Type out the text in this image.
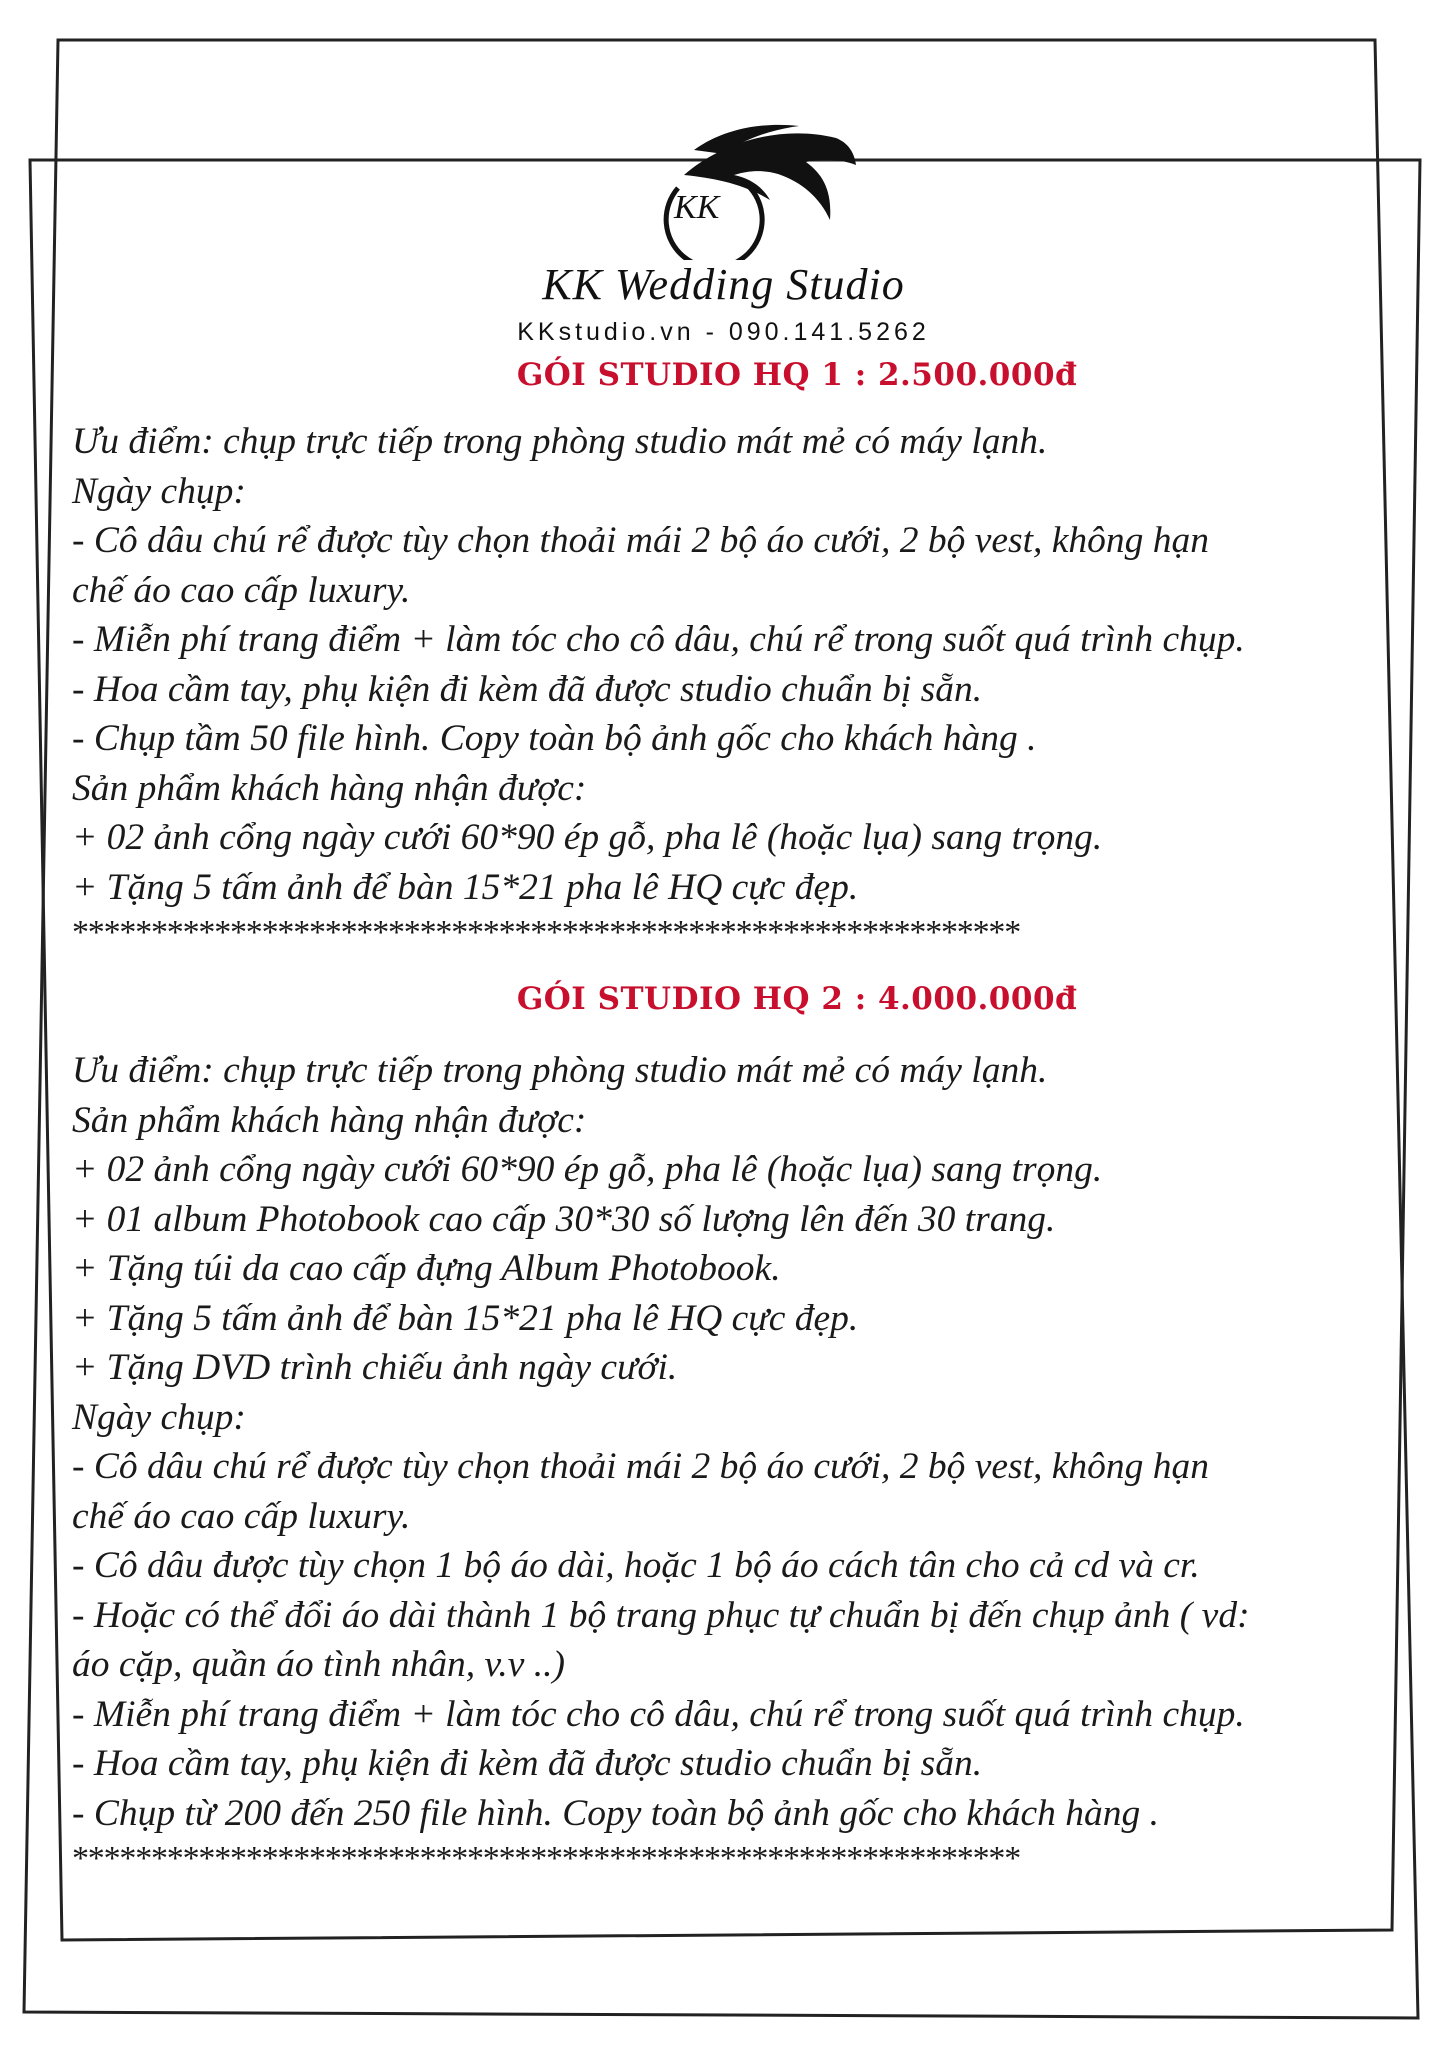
KK
KK Wedding Studio
KKstudio.vn - 090.141.5262
GÓI STUDIO HQ 1 : 2.500.000đ

Ưu điểm: chụp trực tiếp trong phòng studio mát mẻ có máy lạnh.

Ngày chụp:

- Cô dâu chú rể được tùy chọn thoải mái 2 bộ áo cưới, 2 bộ vest, không hạn

chế áo cao cấp luxury.

- Miễn phí trang điểm + làm tóc cho cô dâu, chú rể trong suốt quá trình chụp.

- Hoa cầm tay, phụ kiện đi kèm đã được studio chuẩn bị sẵn.

- Chụp tầm 50 file hình. Copy toàn bộ ảnh gốc cho khách hàng .

Sản phẩm khách hàng nhận được:

+ 02 ảnh cổng ngày cưới 60*90 ép gỗ, pha lê (hoặc lụa) sang trọng.

+ Tặng 5 tấm ảnh để bàn 15*21 pha lê HQ cực đẹp.

************************************************************

GÓI STUDIO HQ 2 : 4.000.000đ

Ưu điểm: chụp trực tiếp trong phòng studio mát mẻ có máy lạnh.

Sản phẩm khách hàng nhận được:

+ 02 ảnh cổng ngày cưới 60*90 ép gỗ, pha lê (hoặc lụa) sang trọng.

+ 01 album Photobook cao cấp 30*30 số lượng lên đến 30 trang.

+ Tặng túi da cao cấp đựng Album Photobook.

+ Tặng 5 tấm ảnh để bàn 15*21 pha lê HQ cực đẹp.

+ Tặng DVD trình chiếu ảnh ngày cưới.

Ngày chụp:

- Cô dâu chú rể được tùy chọn thoải mái 2 bộ áo cưới, 2 bộ vest, không hạn

chế áo cao cấp luxury.

- Cô dâu được tùy chọn 1 bộ áo dài, hoặc 1 bộ áo cách tân cho cả cd và cr.

- Hoặc có thể đổi áo dài thành 1 bộ trang phục tự chuẩn bị đến chụp ảnh ( vd:

áo cặp, quần áo tình nhân, v.v ..)

- Miễn phí trang điểm + làm tóc cho cô dâu, chú rể trong suốt quá trình chụp.

- Hoa cầm tay, phụ kiện đi kèm đã được studio chuẩn bị sẵn.

- Chụp từ 200 đến 250 file hình. Copy toàn bộ ảnh gốc cho khách hàng .

************************************************************
